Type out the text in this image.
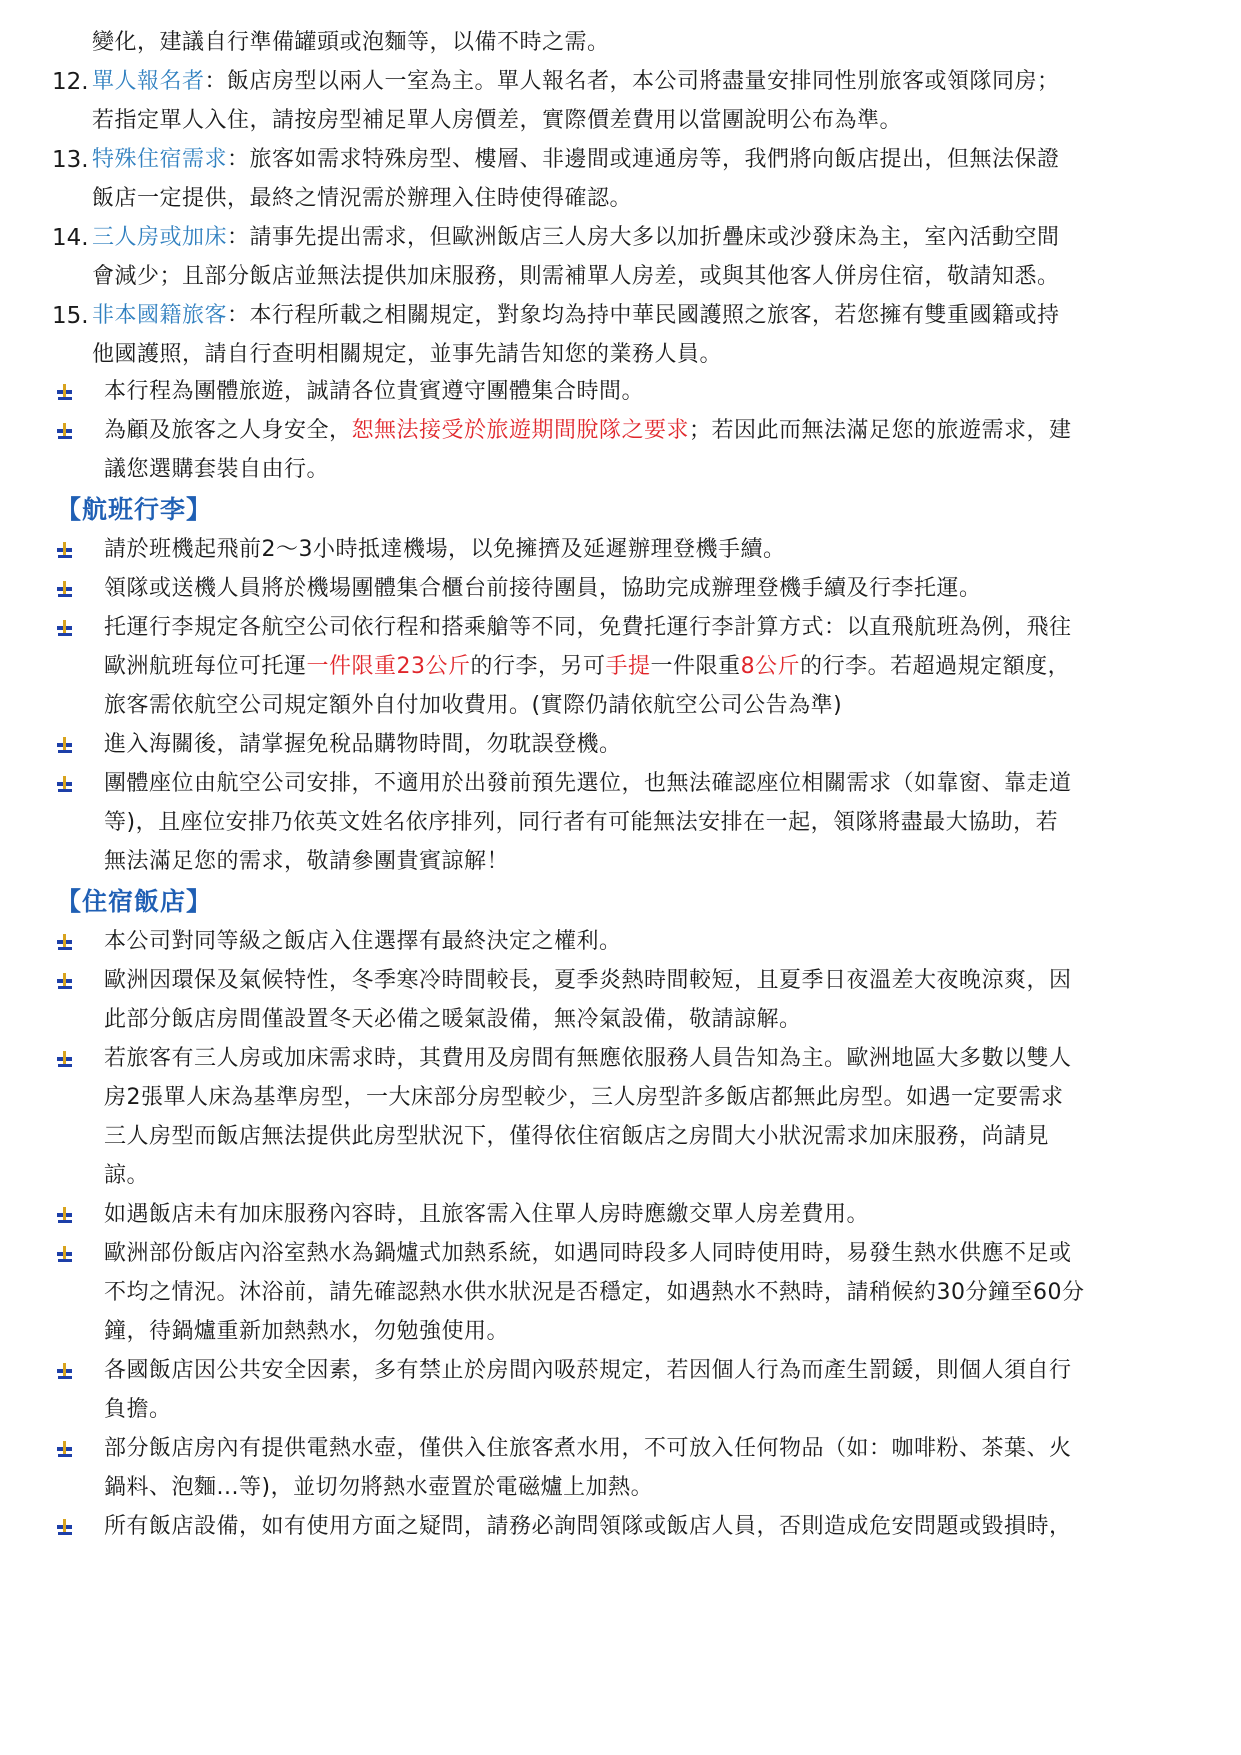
變化，建議自行準備罐頭或泡麵等，以備不時之需。
12. 單人報名者：飯店房型以兩人一室為主。單人報名者，本公司將盡量安排同性別旅客或領隊同房；
若指定單人入住，請按房型補足單人房價差，實際價差費用以當團說明公布為準。
13. 特殊住宿需求：旅客如需求特殊房型、樓層、非邊間或連通房等，我們將向飯店提出，但無法保證
飯店一定提供，最終之情況需於辦理入住時使得確認。
14. 三人房或加床：請事先提出需求，但歐洲飯店三人房大多以加折疊床或沙發床為主，室內活動空間
會減少；且部分飯店並無法提供加床服務，則需補單人房差，或與其他客人併房住宿，敬請知悉。
15. 非本國籍旅客：本行程所載之相關規定，對象均為持中華民國護照之旅客，若您擁有雙重國籍或持
他國護照，請自行查明相關規定，並事先請告知您的業務人員。
本行程為團體旅遊，誠請各位貴賓遵守團體集合時間。
為顧及旅客之人身安全，恕無法接受於旅遊期間脫隊之要求；若因此而無法滿足您的旅遊需求，建
議您選購套裝自由行。
【航班行李】
請於班機起飛前2～3小時抵達機場，以免擁擠及延遲辦理登機手續。
領隊或送機人員將於機場團體集合櫃台前接待團員，協助完成辦理登機手續及行李托運。
托運行李規定各航空公司依行程和搭乘艙等不同，免費托運行李計算方式：以直飛航班為例，飛往
歐洲航班每位可托運一件限重23公斤的行李，另可手提一件限重8公斤的行李。若超過規定額度，
旅客需依航空公司規定額外自付加收費用。(實際仍請依航空公司公告為準)
進入海關後，請掌握免稅品購物時間，勿耽誤登機。
團體座位由航空公司安排，不適用於出發前預先選位，也無法確認座位相關需求（如靠窗、靠走道
等)，且座位安排乃依英文姓名依序排列，同行者有可能無法安排在一起，領隊將盡最大協助，若
無法滿足您的需求，敬請參團貴賓諒解！
【住宿飯店】
本公司對同等級之飯店入住選擇有最終決定之權利。
歐洲因環保及氣候特性，冬季寒冷時間較長，夏季炎熱時間較短，且夏季日夜溫差大夜晚涼爽，因
此部分飯店房間僅設置冬天必備之暖氣設備，無冷氣設備，敬請諒解。
若旅客有三人房或加床需求時，其費用及房間有無應依服務人員告知為主。歐洲地區大多數以雙人
房2張單人床為基準房型，一大床部分房型較少，三人房型許多飯店都無此房型。如遇一定要需求
三人房型而飯店無法提供此房型狀況下，僅得依住宿飯店之房間大小狀況需求加床服務，尚請見
諒。
如遇飯店未有加床服務內容時，且旅客需入住單人房時應繳交單人房差費用。
歐洲部份飯店內浴室熱水為鍋爐式加熱系統，如遇同時段多人同時使用時，易發生熱水供應不足或
不均之情況。沐浴前，請先確認熱水供水狀況是否穩定，如遇熱水不熱時，請稍候約30分鐘至60分
鐘，待鍋爐重新加熱熱水，勿勉強使用。
各國飯店因公共安全因素，多有禁止於房間內吸菸規定，若因個人行為而產生罰鍰，則個人須自行
負擔。
部分飯店房內有提供電熱水壺，僅供入住旅客煮水用，不可放入任何物品（如：咖啡粉、茶葉、火
鍋料、泡麵...等)，並切勿將熱水壺置於電磁爐上加熱。
所有飯店設備，如有使用方面之疑問，請務必詢問領隊或飯店人員，否則造成危安問題或毀損時，
